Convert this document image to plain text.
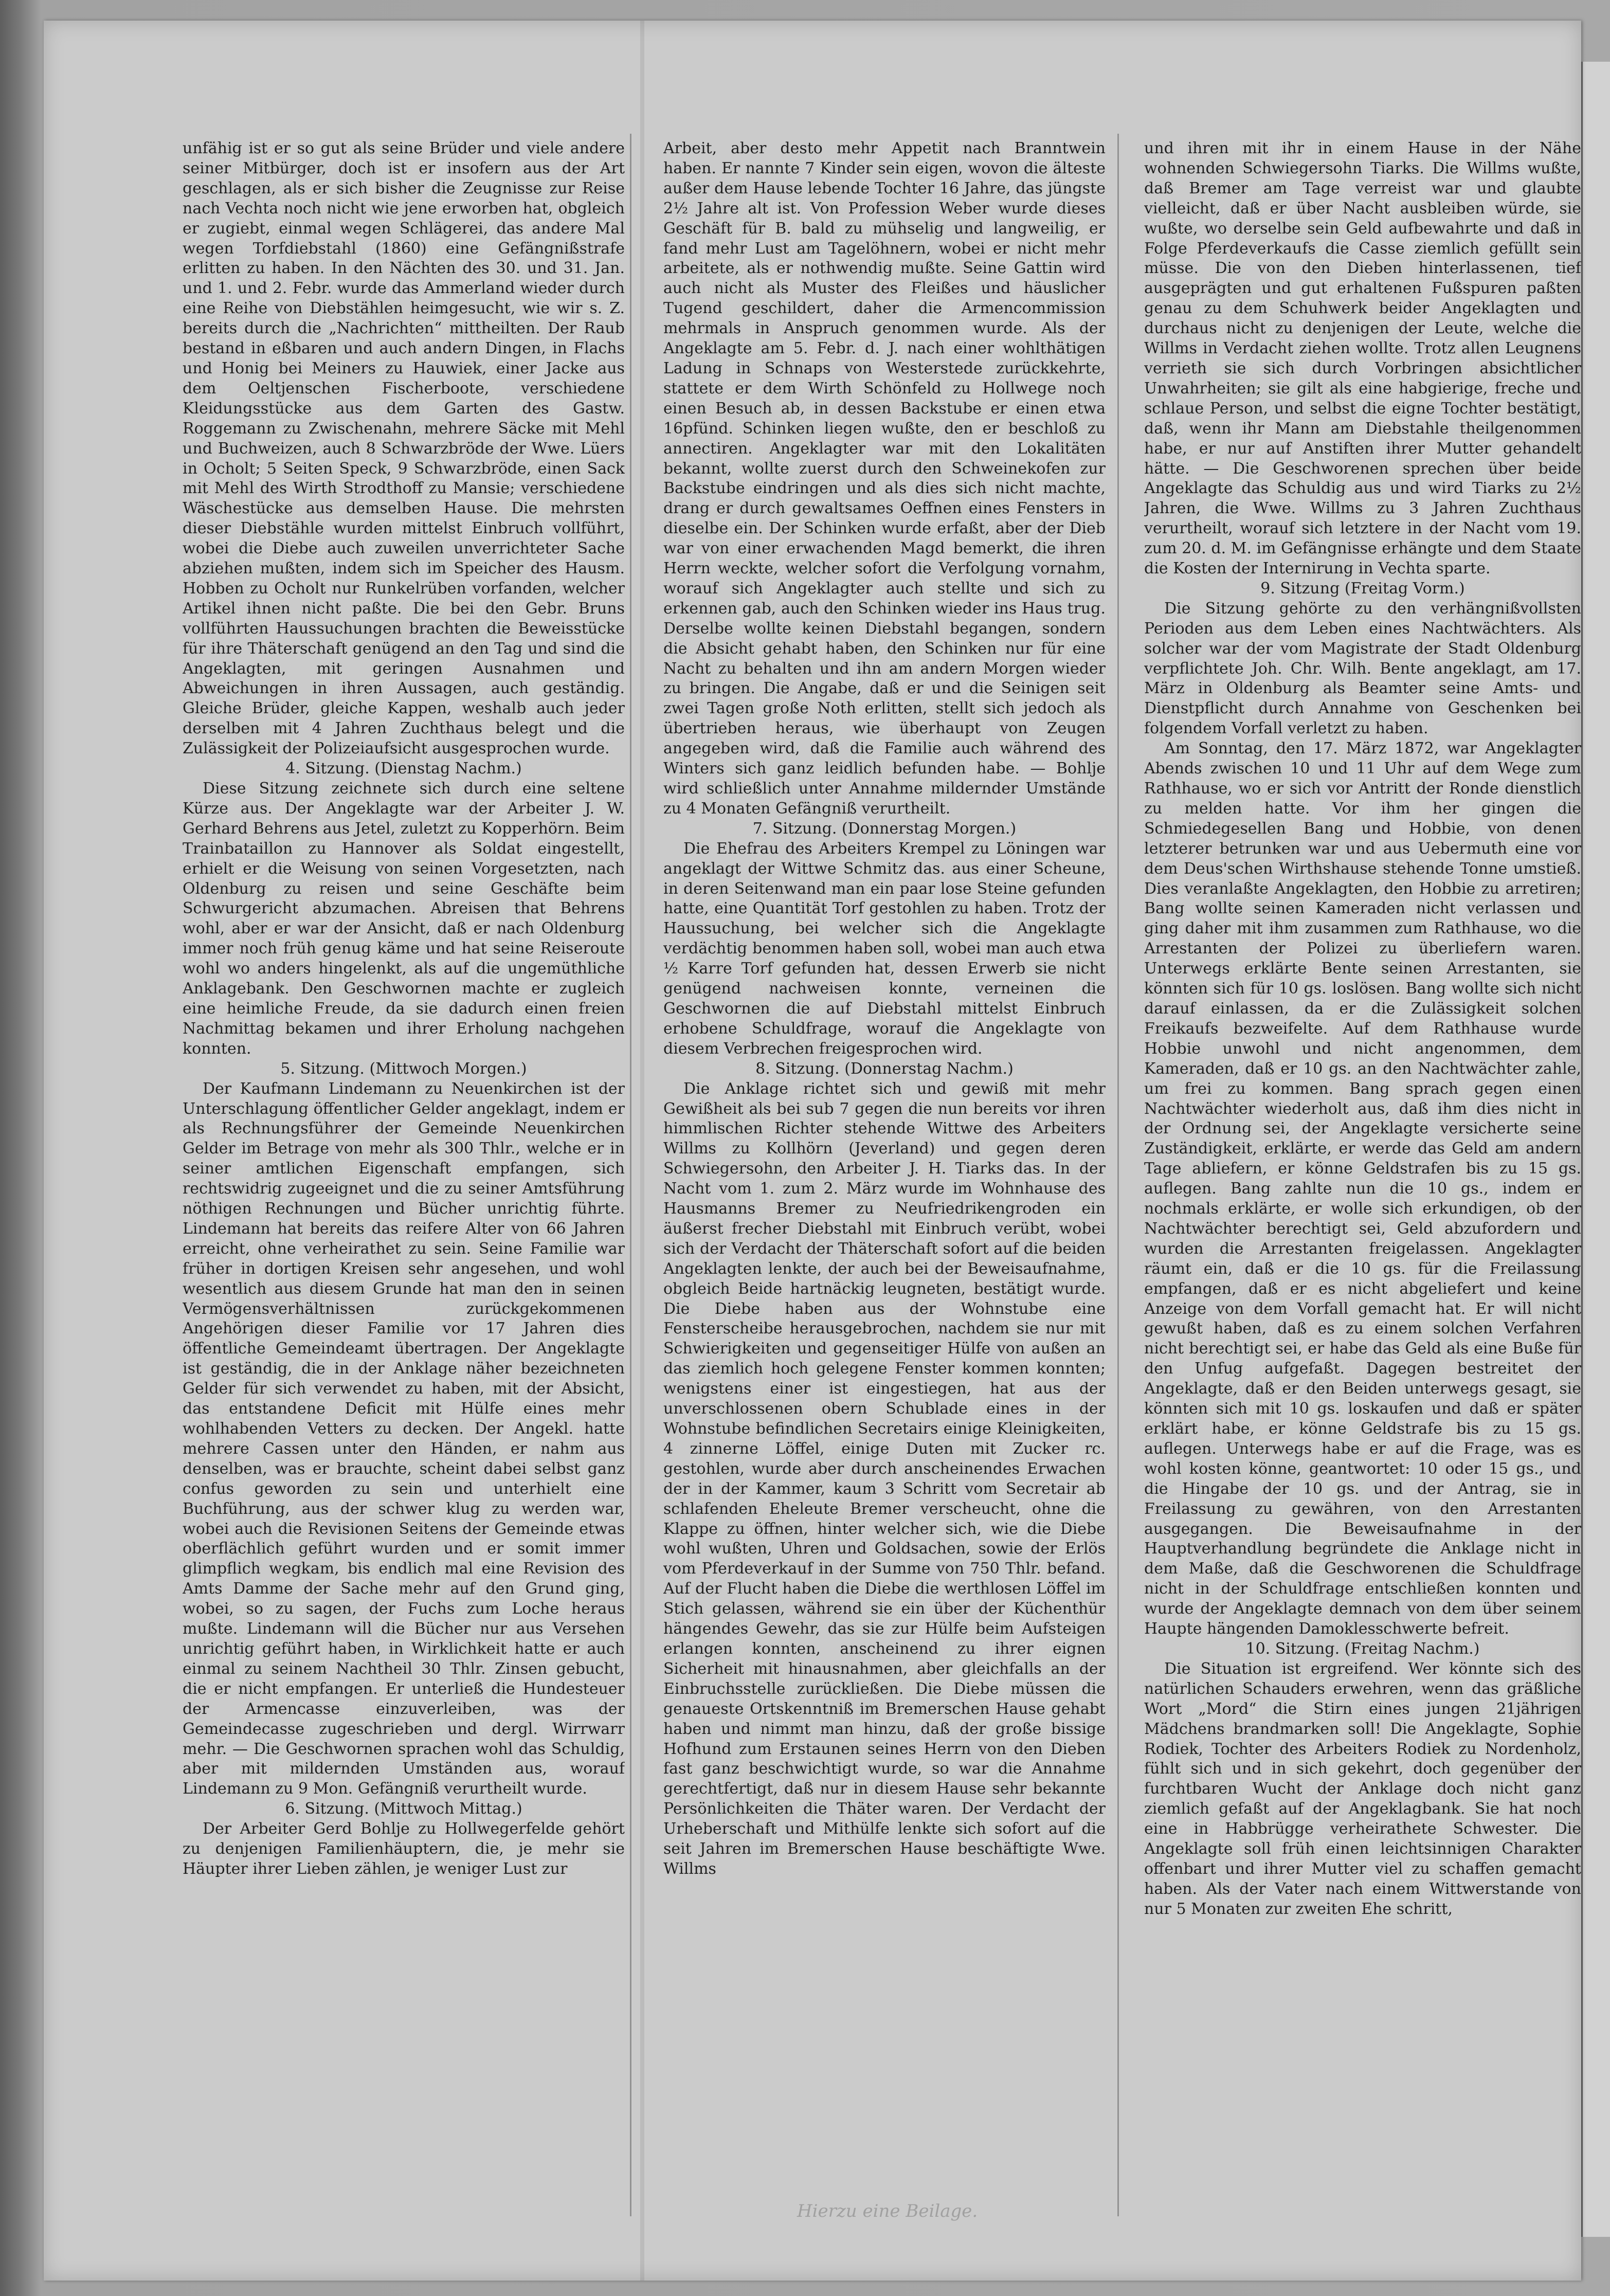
unfähig ist er so gut als seine Brüder und viele andere seiner Mitbürger, doch ist er insofern aus der Art geschlagen, als er sich bisher die Zeugnisse zur Reise nach Vechta noch nicht wie jene erworben hat, obgleich er zugiebt, einmal wegen Schlägerei, das andere Mal wegen Torfdiebstahl (1860) eine Gefängnißstrafe erlitten zu haben. In den Nächten des 30. und 31. Jan. und 1. und 2. Febr. wurde das Ammerland wieder durch eine Reihe von Diebstählen heimgesucht, wie wir s. Z. bereits durch die „Nachrichten“ mittheilten. Der Raub bestand in eßbaren und auch andern Dingen, in Flachs und Honig bei Meiners zu Hauwiek, einer Jacke aus dem Oeltjenschen Fischerboote, verschiedene Kleidungsstücke aus dem Garten des Gastw. Roggemann zu Zwischenahn, mehrere Säcke mit Mehl und Buchweizen, auch 8 Schwarzbröde der Wwe. Lüers in Ocholt; 5 Seiten Speck, 9 Schwarzbröde, einen Sack mit Mehl des Wirth Strodthoff zu Mansie; verschiedene Wäschestücke aus demselben Hause. Die mehrsten dieser Diebstähle wurden mittelst Einbruch vollführt, wobei die Diebe auch zuweilen unverrichteter Sache abziehen mußten, indem sich im Speicher des Hausm. Hobben zu Ocholt nur Runkelrüben vorfanden, welcher Artikel ihnen nicht paßte. Die bei den Gebr. Bruns vollführten Haussuchungen brachten die Beweisstücke für ihre Thäterschaft genügend an den Tag und sind die Angeklagten, mit geringen Ausnahmen und Abweichungen in ihren Aussagen, auch geständig. Gleiche Brüder, gleiche Kappen, weshalb auch jeder derselben mit 4 Jahren Zuchthaus belegt und die Zulässigkeit der Polizeiaufsicht ausgesprochen wurde.

4. Sitzung. (Dienstag Nachm.)

Diese Sitzung zeichnete sich durch eine seltene Kürze aus. Der Angeklagte war der Arbeiter J. W. Gerhard Behrens aus Jetel, zuletzt zu Kopperhörn. Beim Trainbataillon zu Hannover als Soldat eingestellt, erhielt er die Weisung von seinen Vorgesetzten, nach Oldenburg zu reisen und seine Geschäfte beim Schwurgericht abzumachen. Abreisen that Behrens wohl, aber er war der Ansicht, daß er nach Oldenburg immer noch früh genug käme und hat seine Reiseroute wohl wo anders hingelenkt, als auf die ungemüthliche Anklagebank. Den Geschwornen machte er zugleich eine heimliche Freude, da sie dadurch einen freien Nachmittag bekamen und ihrer Erholung nachgehen konnten.

5. Sitzung. (Mittwoch Morgen.)

Der Kaufmann Lindemann zu Neuenkirchen ist der Unterschlagung öffentlicher Gelder angeklagt, indem er als Rechnungsführer der Gemeinde Neuenkirchen Gelder im Betrage von mehr als 300 Thlr., welche er in seiner amtlichen Eigenschaft empfangen, sich rechtswidrig zugeeignet und die zu seiner Amtsführung nöthigen Rechnungen und Bücher unrichtig führte. Lindemann hat bereits das reifere Alter von 66 Jahren erreicht, ohne verheirathet zu sein. Seine Familie war früher in dortigen Kreisen sehr angesehen, und wohl wesentlich aus diesem Grunde hat man den in seinen Vermögensverhältnissen zurückgekommenen Angehörigen dieser Familie vor 17 Jahren dies öffentliche Gemeindeamt übertragen. Der Angeklagte ist geständig, die in der Anklage näher bezeichneten Gelder für sich verwendet zu haben, mit der Absicht, das entstandene Deficit mit Hülfe eines mehr wohlhabenden Vetters zu decken. Der Angekl. hatte mehrere Cassen unter den Händen, er nahm aus denselben, was er brauchte, scheint dabei selbst ganz confus geworden zu sein und unterhielt eine Buchführung, aus der schwer klug zu werden war, wobei auch die Revisionen Seitens der Gemeinde etwas oberflächlich geführt wurden und er somit immer glimpflich wegkam, bis endlich mal eine Revision des Amts Damme der Sache mehr auf den Grund ging, wobei, so zu sagen, der Fuchs zum Loche heraus mußte. Lindemann will die Bücher nur aus Versehen unrichtig geführt haben, in Wirklichkeit hatte er auch einmal zu seinem Nachtheil 30 Thlr. Zinsen gebucht, die er nicht empfangen. Er unterließ die Hundesteuer der Armencasse einzuverleiben, was der Gemeindecasse zugeschrieben und dergl. Wirrwarr mehr. — Die Geschwornen sprachen wohl das Schuldig, aber mit mildernden Umständen aus, worauf Lindemann zu 9 Mon. Gefängniß verurtheilt wurde.

6. Sitzung. (Mittwoch Mittag.)

Der Arbeiter Gerd Bohlje zu Hollwegerfelde gehört zu denjenigen Familienhäuptern, die, je mehr sie Häupter ihrer Lieben zählen, je weniger Lust zur

Arbeit, aber desto mehr Appetit nach Branntwein haben. Er nannte 7 Kinder sein eigen, wovon die älteste außer dem Hause lebende Tochter 16 Jahre, das jüngste 2½ Jahre alt ist. Von Profession Weber wurde dieses Geschäft für B. bald zu mühselig und langweilig, er fand mehr Lust am Tagelöhnern, wobei er nicht mehr arbeitete, als er nothwendig mußte. Seine Gattin wird auch nicht als Muster des Fleißes und häuslicher Tugend geschildert, daher die Armencommission mehrmals in Anspruch genommen wurde. Als der Angeklagte am 5. Febr. d. J. nach einer wohlthätigen Ladung in Schnaps von Westerstede zurückkehrte, stattete er dem Wirth Schönfeld zu Hollwege noch einen Besuch ab, in dessen Backstube er einen etwa 16pfünd. Schinken liegen wußte, den er beschloß zu annectiren. Angeklagter war mit den Lokalitäten bekannt, wollte zuerst durch den Schweinekofen zur Backstube eindringen und als dies sich nicht machte, drang er durch gewaltsames Oeffnen eines Fensters in dieselbe ein. Der Schinken wurde erfaßt, aber der Dieb war von einer erwachenden Magd bemerkt, die ihren Herrn weckte, welcher sofort die Verfolgung vornahm, worauf sich Angeklagter auch stellte und sich zu erkennen gab, auch den Schinken wieder ins Haus trug. Derselbe wollte keinen Diebstahl begangen, sondern die Absicht gehabt haben, den Schinken nur für eine Nacht zu behalten und ihn am andern Morgen wieder zu bringen. Die Angabe, daß er und die Seinigen seit zwei Tagen große Noth erlitten, stellt sich jedoch als übertrieben heraus, wie überhaupt von Zeugen angegeben wird, daß die Familie auch während des Winters sich ganz leidlich befunden habe. — Bohlje wird schließlich unter Annahme mildernder Umstände zu 4 Monaten Gefängniß verurtheilt.

7. Sitzung. (Donnerstag Morgen.)

Die Ehefrau des Arbeiters Krempel zu Löningen war angeklagt der Wittwe Schmitz das. aus einer Scheune, in deren Seitenwand man ein paar lose Steine gefunden hatte, eine Quantität Torf gestohlen zu haben. Trotz der Haussuchung, bei welcher sich die Angeklagte verdächtig benommen haben soll, wobei man auch etwa ½ Karre Torf gefunden hat, dessen Erwerb sie nicht genügend nachweisen konnte, verneinen die Geschwornen die auf Diebstahl mittelst Einbruch erhobene Schuldfrage, worauf die Angeklagte von diesem Verbrechen freigesprochen wird.

8. Sitzung. (Donnerstag Nachm.)

Die Anklage richtet sich und gewiß mit mehr Gewißheit als bei sub 7 gegen die nun bereits vor ihren himmlischen Richter stehende Wittwe des Arbeiters Willms zu Kollhörn (Jeverland) und gegen deren Schwiegersohn, den Arbeiter J. H. Tiarks das. In der Nacht vom 1. zum 2. März wurde im Wohnhause des Hausmanns Bremer zu Neufriedrikengroden ein äußerst frecher Diebstahl mit Einbruch verübt, wobei sich der Verdacht der Thäterschaft sofort auf die beiden Angeklagten lenkte, der auch bei der Beweisaufnahme, obgleich Beide hartnäckig leugneten, bestätigt wurde. Die Diebe haben aus der Wohnstube eine Fensterscheibe herausgebrochen, nachdem sie nur mit Schwierigkeiten und gegenseitiger Hülfe von außen an das ziemlich hoch gelegene Fenster kommen konnten; wenigstens einer ist eingestiegen, hat aus der unverschlossenen obern Schublade eines in der Wohnstube befindlichen Secretairs einige Kleinigkeiten, 4 zinnerne Löffel, einige Duten mit Zucker rc. gestohlen, wurde aber durch anscheinendes Erwachen der in der Kammer, kaum 3 Schritt vom Secretair ab schlafenden Eheleute Bremer verscheucht, ohne die Klappe zu öffnen, hinter welcher sich, wie die Diebe wohl wußten, Uhren und Goldsachen, sowie der Erlös vom Pferdeverkauf in der Summe von 750 Thlr. befand. Auf der Flucht haben die Diebe die werthlosen Löffel im Stich gelassen, während sie ein über der Küchenthür hängendes Gewehr, das sie zur Hülfe beim Aufsteigen erlangen konnten, anscheinend zu ihrer eignen Sicherheit mit hinausnahmen, aber gleichfalls an der Einbruchsstelle zurückließen. Die Diebe müssen die genaueste Ortskenntniß im Bremerschen Hause gehabt haben und nimmt man hinzu, daß der große bissige Hofhund zum Erstaunen seines Herrn von den Dieben fast ganz beschwichtigt wurde, so war die Annahme gerechtfertigt, daß nur in diesem Hause sehr bekannte Persönlichkeiten die Thäter waren. Der Verdacht der Urheberschaft und Mithülfe lenkte sich sofort auf die seit Jahren im Bremerschen Hause beschäftigte Wwe. Willms

und ihren mit ihr in einem Hause in der Nähe wohnenden Schwiegersohn Tiarks. Die Willms wußte, daß Bremer am Tage verreist war und glaubte vielleicht, daß er über Nacht ausbleiben würde, sie wußte, wo derselbe sein Geld aufbewahrte und daß in Folge Pferdeverkaufs die Casse ziemlich gefüllt sein müsse. Die von den Dieben hinterlassenen, tief ausgeprägten und gut erhaltenen Fußspuren paßten genau zu dem Schuhwerk beider Angeklagten und durchaus nicht zu denjenigen der Leute, welche die Willms in Verdacht ziehen wollte. Trotz allen Leugnens verrieth sie sich durch Vorbringen absichtlicher Unwahrheiten; sie gilt als eine habgierige, freche und schlaue Person, und selbst die eigne Tochter bestätigt, daß, wenn ihr Mann am Diebstahle theilgenommen habe, er nur auf Anstiften ihrer Mutter gehandelt hätte. — Die Geschworenen sprechen über beide Angeklagte das Schuldig aus und wird Tiarks zu 2½ Jahren, die Wwe. Willms zu 3 Jahren Zuchthaus verurtheilt, worauf sich letztere in der Nacht vom 19. zum 20. d. M. im Gefängnisse erhängte und dem Staate die Kosten der Internirung in Vechta sparte.

9. Sitzung (Freitag Vorm.)

Die Sitzung gehörte zu den verhängnißvollsten Perioden aus dem Leben eines Nachtwächters. Als solcher war der vom Magistrate der Stadt Oldenburg verpflichtete Joh. Chr. Wilh. Bente angeklagt, am 17. März in Oldenburg als Beamter seine Amts- und Dienstpflicht durch Annahme von Geschenken bei folgendem Vorfall verletzt zu haben.

Am Sonntag, den 17. März 1872, war Angeklagter Abends zwischen 10 und 11 Uhr auf dem Wege zum Rathhause, wo er sich vor Antritt der Ronde dienstlich zu melden hatte. Vor ihm her gingen die Schmiedegesellen Bang und Hobbie, von denen letzterer betrunken war und aus Uebermuth eine vor dem Deus'schen Wirthshause stehende Tonne umstieß. Dies veranlaßte Angeklagten, den Hobbie zu arretiren; Bang wollte seinen Kameraden nicht verlassen und ging daher mit ihm zusammen zum Rathhause, wo die Arrestanten der Polizei zu überliefern waren. Unterwegs erklärte Bente seinen Arrestanten, sie könnten sich für 10 gs. loslösen. Bang wollte sich nicht darauf einlassen, da er die Zulässigkeit solchen Freikaufs bezweifelte. Auf dem Rathhause wurde Hobbie unwohl und nicht angenommen, dem Kameraden, daß er 10 gs. an den Nachtwächter zahle, um frei zu kommen. Bang sprach gegen einen Nachtwächter wiederholt aus, daß ihm dies nicht in der Ordnung sei, der Angeklagte versicherte seine Zuständigkeit, erklärte, er werde das Geld am andern Tage abliefern, er könne Geldstrafen bis zu 15 gs. auflegen. Bang zahlte nun die 10 gs., indem er nochmals erklärte, er wolle sich erkundigen, ob der Nachtwächter berechtigt sei, Geld abzufordern und wurden die Arrestanten freigelassen. Angeklagter räumt ein, daß er die 10 gs. für die Freilassung empfangen, daß er es nicht abgeliefert und keine Anzeige von dem Vorfall gemacht hat. Er will nicht gewußt haben, daß es zu einem solchen Verfahren nicht berechtigt sei, er habe das Geld als eine Buße für den Unfug aufgefaßt. Dagegen bestreitet der Angeklagte, daß er den Beiden unterwegs gesagt, sie könnten sich mit 10 gs. loskaufen und daß er später erklärt habe, er könne Geldstrafe bis zu 15 gs. auflegen. Unterwegs habe er auf die Frage, was es wohl kosten könne, geantwortet: 10 oder 15 gs., und die Hingabe der 10 gs. und der Antrag, sie in Freilassung zu gewähren, von den Arrestanten ausgegangen. Die Beweisaufnahme in der Hauptverhandlung begründete die Anklage nicht in dem Maße, daß die Geschworenen die Schuldfrage nicht in der Schuldfrage entschließen konnten und wurde der Angeklagte demnach von dem über seinem Haupte hängenden Damoklesschwerte befreit.

10. Sitzung. (Freitag Nachm.)

Die Situation ist ergreifend. Wer könnte sich des natürlichen Schauders erwehren, wenn das gräßliche Wort „Mord“ die Stirn eines jungen 21jährigen Mädchens brandmarken soll! Die Angeklagte, Sophie Rodiek, Tochter des Arbeiters Rodiek zu Nordenholz, fühlt sich und in sich gekehrt, doch gegenüber der furchtbaren Wucht der Anklage doch nicht ganz ziemlich gefaßt auf der Angeklagbank. Sie hat noch eine in Habbrügge verheirathete Schwester. Die Angeklagte soll früh einen leichtsinnigen Charakter offenbart und ihrer Mutter viel zu schaffen gemacht haben. Als der Vater nach einem Wittwerstande von nur 5 Monaten zur zweiten Ehe schritt,

Hierzu eine Beilage.
